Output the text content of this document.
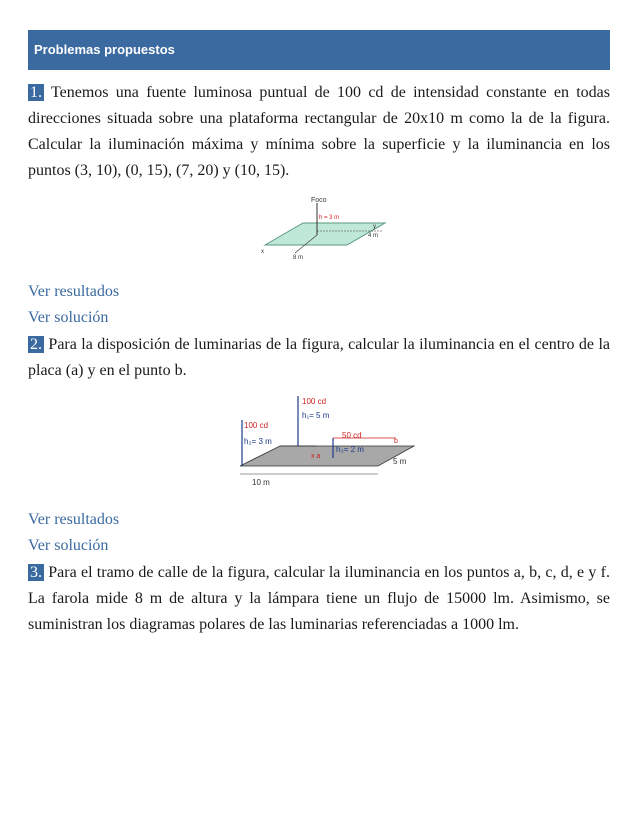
Problemas propuestos

1. Tenemos una fuente luminosa puntual de 100 cd de intensidad constante en todas direcciones situada sobre una plataforma rectangular de 20x10 m como la de la figura. Calcular la iluminación máxima y mínima sobre la superficie y la iluminancia en los puntos (3, 10), (0, 15), (7, 20) y (10, 15).

Foco
h = 3 m
y
4 m
x
8 m
Ver resultados
Ver solución

2. Para la disposición de luminarias de la figura, calcular la iluminancia en el centro de la placa (a) y en el punto b.

100 cd
h₁= 5 m
100 cd
h₂= 3 m
50 cd
h₃= 2 m
x a
b
10 m
5 m
Ver resultados
Ver solución

3. Para el tramo de calle de la figura, calcular la iluminancia en los puntos a, b, c, d, e y f. La farola mide 8 m de altura y la lámpara tiene un flujo de 15000 lm. Asimismo, se suministran los diagramas polares de las luminarias referenciadas a 1000 lm.
